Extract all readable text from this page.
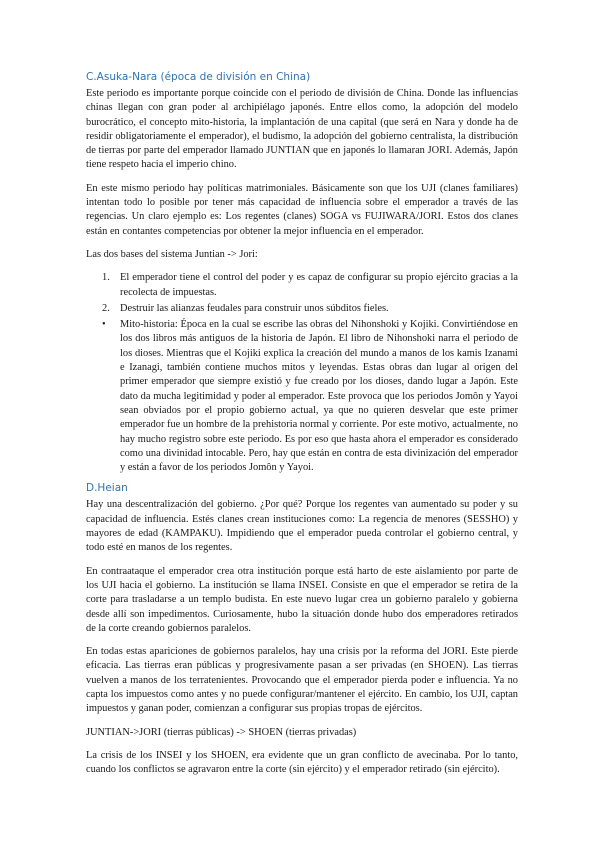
C.Asuka-Nara (época de división en China)

Este periodo es importante porque coincide con el periodo de división de China. Donde las influencias chinas llegan con gran poder al archipiélago japonés. Entre ellos como, la adopción del modelo burocrático, el concepto mito-historia, la implantación de una capital (que será en Nara y donde ha de residir obligatoriamente el emperador), el budismo, la adopción del gobierno centralista, la distribución de tierras por parte del emperador llamado JUNTIAN que en japonés lo llamaran JORI. Además, Japón tiene respeto hacia el imperio chino.

En este mismo periodo hay políticas matrimoniales. Básicamente son que los UJI (clanes familiares) intentan todo lo posible por tener más capacidad de influencia sobre el emperador a través de las regencias. Un claro ejemplo es: Los regentes (clanes) SOGA vs FUJIWARA/JORI. Estos dos clanes están en contantes competencias por obtener la mejor influencia en el emperador.

Las dos bases del sistema Juntian -> Jori:

1. El emperador tiene el control del poder y es capaz de configurar su propio ejército gracias a la recolecta de impuestas.
2. Destruir las alianzas feudales para construir unos súbditos fieles.
• Mito-historia: Época en la cual se escribe las obras del Nihonshoki y Kojiki. Convirtiéndose en los dos libros más antiguos de la historia de Japón. El libro de Nihonshoki narra el periodo de los dioses. Mientras que el Kojiki explica la creación del mundo a manos de los kamis Izanami e Izanagi, también contiene muchos mitos y leyendas. Estas obras dan lugar al origen del primer emperador que siempre existió y fue creado por los dioses, dando lugar a Japón. Este dato da mucha legitimidad y poder al emperador. Este provoca que los periodos Jomôn y Yayoi sean obviados por el propio gobierno actual, ya que no quieren desvelar que este primer emperador fue un hombre de la prehistoria normal y corriente. Por este motivo, actualmente, no hay mucho registro sobre este periodo. Es por eso que hasta ahora el emperador es considerado como una divinidad intocable. Pero, hay que están en contra de esta divinización del emperador y están a favor de los periodos Jomôn y Yayoi.
D.Heian

Hay una descentralización del gobierno. ¿Por qué? Porque los regentes van aumentado su poder y su capacidad de influencia. Estés clanes crean instituciones como: La regencia de menores (SESSHO) y mayores de edad (KAMPAKU). Impidiendo que el emperador pueda controlar el gobierno central, y todo esté en manos de los regentes.

En contraataque el emperador crea otra institución porque está harto de este aislamiento por parte de los UJI hacia el gobierno. La institución se llama INSEI. Consiste en que el emperador se retira de la corte para trasladarse a un templo budista. En este nuevo lugar crea un gobierno paralelo y gobierna desde allí son impedimentos. Curiosamente, hubo la situación donde hubo dos emperadores retirados de la corte creando gobiernos paralelos.

En todas estas apariciones de gobiernos paralelos, hay una crisis por la reforma del JORI. Este pierde eficacia. Las tierras eran públicas y progresivamente pasan a ser privadas (en SHOEN). Las tierras vuelven a manos de los terratenientes. Provocando que el emperador pierda poder e influencia. Ya no capta los impuestos como antes y no puede configurar/mantener el ejército. En cambio, los UJI, captan impuestos y ganan poder, comienzan a configurar sus propias tropas de ejércitos.

JUNTIAN->JORI (tierras públicas) -> SHOEN (tierras privadas)

La crisis de los INSEI y los SHOEN, era evidente que un gran conflicto de avecinaba. Por lo tanto, cuando los conflictos se agravaron entre la corte (sin ejército) y el emperador retirado (sin ejército).
